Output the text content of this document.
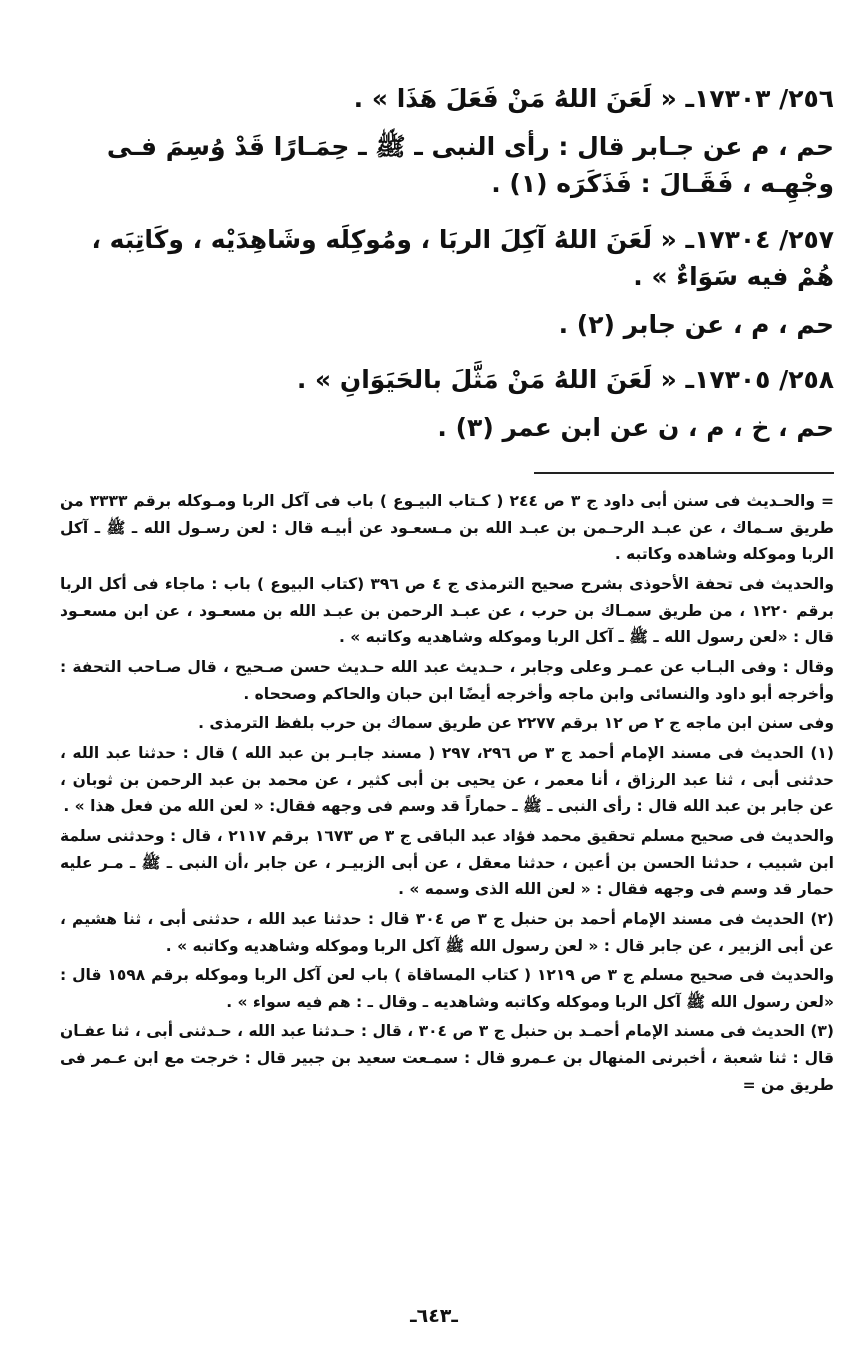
٢٥٦/ ١٧٣٠٣ـ « لَعَنَ اللهُ مَنْ فَعَلَ هَذَا » .

حم ، م عن جـابر قال : رأى النبى ـ ﷺ ـ حِمَـارًا قَدْ وُسِمَ فـى وجْهِـه ، فَقَـالَ : فَذَكَرَه (١) .

٢٥٧/ ١٧٣٠٤ـ « لَعَنَ اللهُ آكِلَ الربَا ، ومُوكِلَه وشَاهِدَيْه ، وكَاتِبَه ، هُمْ فيه سَوَاءٌ » .

حم ، م ، عن جابر (٢) .

٢٥٨/ ١٧٣٠٥ـ « لَعَنَ اللهُ مَنْ مَثَّلَ بالحَيَوَانِ » .

حم ، خ ، م ، ن عن ابن عمر (٣) .

= والحـديث فى سنن أبى داود ج ٣ ص ٢٤٤ ( كـتاب البيـوع ) باب فى آكل الربا ومـوكله برقم ٣٣٣٣ من طريق سـماك ، عن عبـد الرحـمن بن عبـد الله بن مـسعـود عن أبيـه قال : لعن رسـول الله ـ ﷺ ـ آكل الربا وموكله وشاهده وكاتبه .

والحديث فى تحفة الأحوذى بشرح صحيح الترمذى ج ٤ ص ٣٩٦ (كتاب البيوع ) باب : ماجاء فى أكل الربا برقم ١٢٢٠ ، من طريق سمـاك بن حرب ، عن عبـد الرحمن بن عبـد الله بن مسعـود ، عن ابن مسعـود قال : «لعن رسول الله ـ ﷺ ـ آكل الربا وموكله وشاهديه وكاتبه » .

وقال : وفى البـاب عن عمـر وعلى وجابر ، حـديث عبد الله حـديث حسن صـحيح ، قال صـاحب التحفة : وأخرجه أبو داود والنسائى وابن ماجه وأخرجه أيضًا ابن حبان والحاكم وصححاه .

وفى سنن ابن ماجه ج ٢ ص ١٢ برقم ٢٢٧٧ عن طريق سماك بن حرب بلفظ الترمذى .

(١) الحديث فى مسند الإمام أحمد ج ٣ ص ٢٩٦، ٢٩٧ ( مسند جابـر بن عبد الله ) قال : حدثنا عبد الله ، حدثنى أبى ، ثنا عبد الرزاق ، أنا معمر ، عن يحيى بن أبى كثير ، عن محمد بن عبد الرحمن بن ثوبان ، عن جابر بن عبد الله قال : رأى النبى ـ ﷺ ـ حماراً قد وسم فى وجهه فقال: « لعن الله من فعل هذا » .

والحديث فى صحيح مسلم تحقيق محمد فؤاد عبد الباقى ج ٣ ص ١٦٧٣ برقم ٢١١٧ ، قال : وحدثنى سلمة ابن شبيب ، حدثنا الحسن بن أعين ، حدثنا معقل ، عن أبى الزبيـر ، عن جابر ،أن النبى ـ ﷺ ـ مـر عليه حمار قد وسم فى وجهه فقال : « لعن الله الذى وسمه » .

(٢) الحديث فى مسند الإمام أحمد بن حنبل ج ٣ ص ٣٠٤ قال : حدثنا عبد الله ، حدثنى أبى ، ثنا هشيم ، عن أبى الزبير ، عن جابر قال : « لعن رسول الله ﷺ آكل الربا وموكله وشاهديه وكاتبه » .

والحديث فى صحيح مسلم ج ٣ ص ١٢١٩ ( كتاب المساقاة ) باب لعن آكل الربا وموكله برقم ١٥٩٨ قال : «لعن رسول الله ﷺ آكل الربا وموكله وكاتبه وشاهديه ـ وقال ـ : هم فيه سواء » .

(٣) الحديث فى مسند الإمام أحمـد بن حنبل ج ٣ ص ٣٠٤ ، قال : حـدثنا عبد الله ، حـدثنى أبى ، ثنا عفـان قال : ثنا شعبة ، أخبرنى المنهال بن عـمرو قال : سمـعت سعيد بن جبير قال : خرجت مع ابن عـمر فى طريق من =

ـ٦٤٣ـ
